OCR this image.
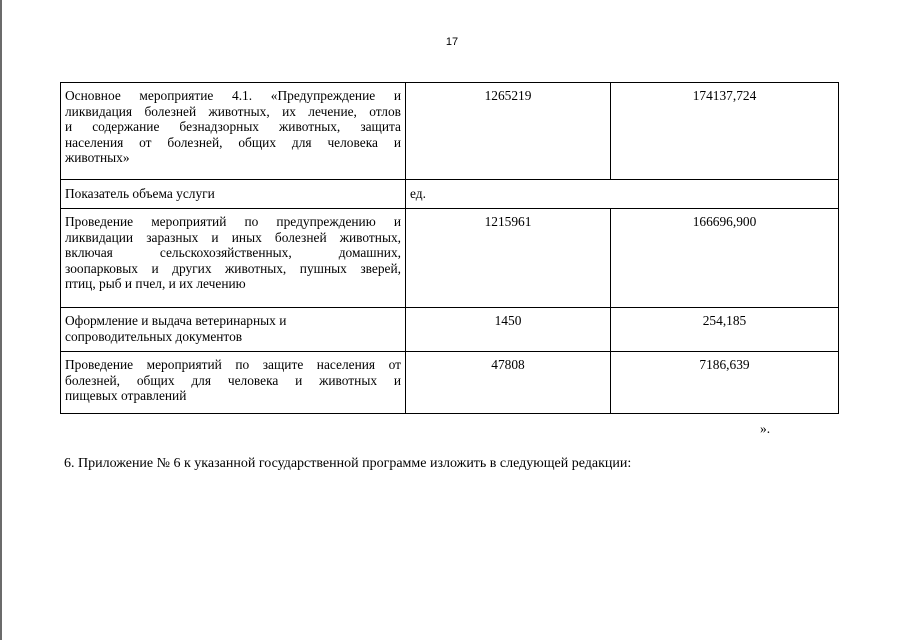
17
Основное мероприятие 4.1. «Предупреждение и
ликвидация болезней животных, их лечение, отлов
и содержание безнадзорных животных, защита
населения от болезней, общих для человека и
животных»	1265219	174137,724

Показатель объема услуги	ед.	

Проведение мероприятий по предупреждению и
ликвидации заразных и иных болезней животных,
включая сельскохозяйственных, домашних,
зоопарковых и других животных, пушных зверей,
птиц, рыб и пчел, и их лечению	1215961	166696,900

Оформление и выдача ветеринарных и
сопроводительных документов	1450	254,185

Проведение мероприятий по защите населения от
болезней, общих для человека и животных и
пищевых отравлений	47808	7186,639
».
6. Приложение № 6 к указанной государственной программе изложить в следующей редакции:
